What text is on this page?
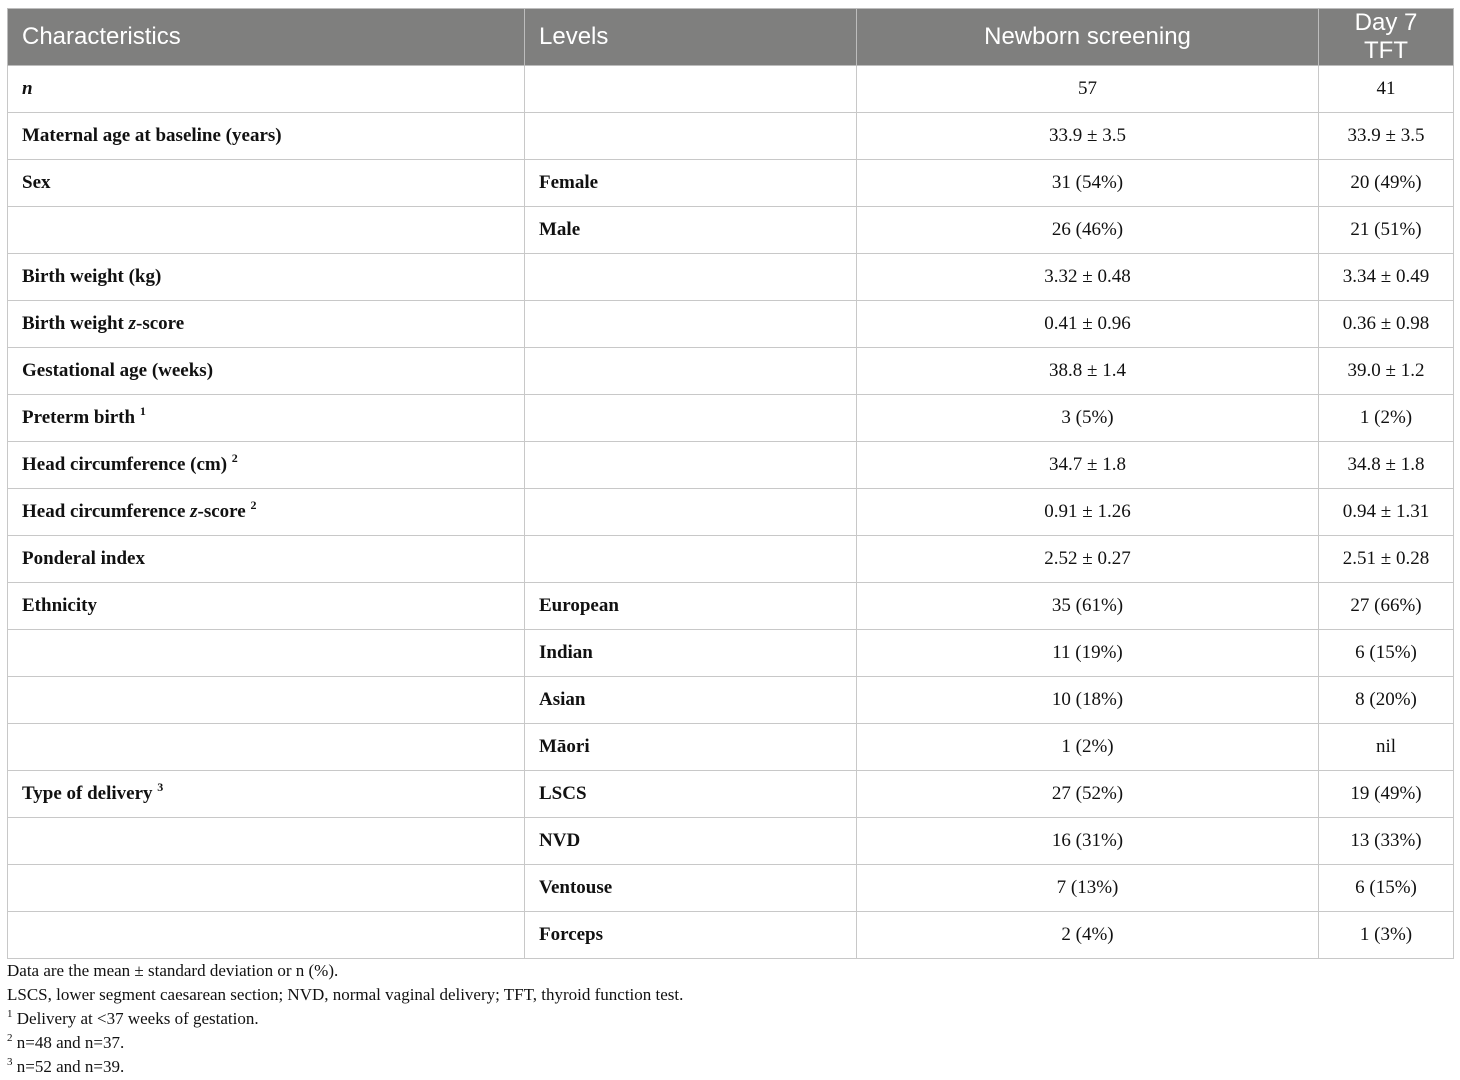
Characteristics	Levels	Newborn screening	Day 7 TFT
n		57	41
Maternal age at baseline (years)		33.9 ± 3.5	33.9 ± 3.5
Sex	Female	31 (54%)	20 (49%)
	Male	26 (46%)	21 (51%)
Birth weight (kg)		3.32 ± 0.48	3.34 ± 0.49
Birth weight z-score		0.41 ± 0.96	0.36 ± 0.98
Gestational age (weeks)		38.8 ± 1.4	39.0 ± 1.2
Preterm birth $^1$		3 (5%)	1 (2%)
Head circumference (cm) $^2$		34.7 ± 1.8	34.8 ± 1.8
Head circumference z-score $^2$		0.91 ± 1.26	0.94 ± 1.31
Ponderal index		2.52 ± 0.27	2.51 ± 0.28
Ethnicity	European	35 (61%)	27 (66%)
	Indian	11 (19%)	6 (15%)
	Asian	10 (18%)	8 (20%)
	Māori	1 (2%)	nil
Type of delivery $^3$	LSCS	27 (52%)	19 (49%)
	NVD	16 (31%)	13 (33%)
	Ventouse	7 (13%)	6 (15%)
	Forceps	2 (4%)	1 (3%)

Data are the mean ± standard deviation or n (%).

LSCS, lower segment caesarean section; NVD, normal vaginal delivery; TFT, thyroid function test.

$^1$ Delivery at <37 weeks of gestation.

$^2$ n=48 and n=37.

$^3$ n=52 and n=39.
